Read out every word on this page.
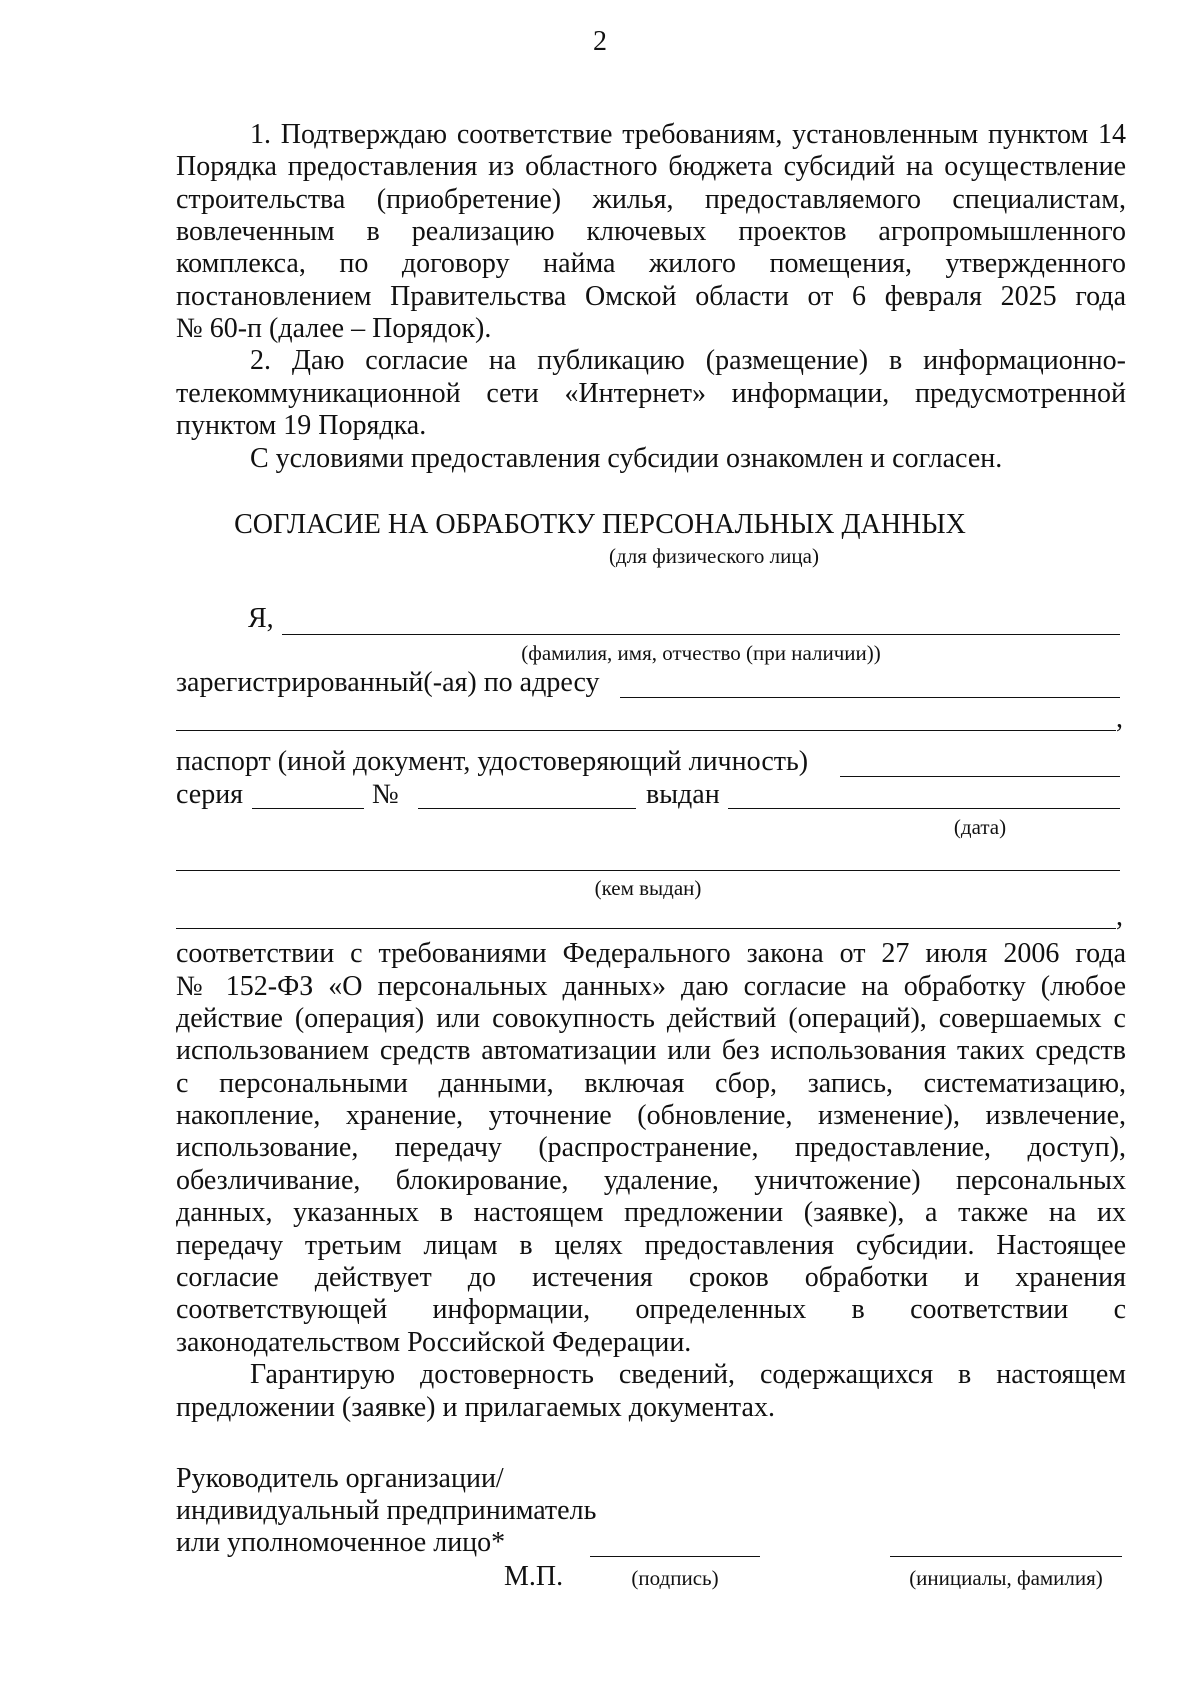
2
1. Подтверждаю соответствие требованиям, установленным пунктом 14
Порядка предоставления из областного бюджета субсидий на осуществление
строительства (приобретение) жилья, предоставляемого специалистам,
вовлеченным в реализацию ключевых проектов агропромышленного
комплекса, по договору найма жилого помещения, утвержденного
постановлением Правительства Омской области от 6 февраля 2025 года
№ 60-п (далее – Порядок).
2. Даю согласие на публикацию (размещение) в информационно-
телекоммуникационной сети «Интернет» информации, предусмотренной
пунктом 19 Порядка.
С условиями предоставления субсидии ознакомлен и согласен.
СОГЛАСИЕ НА ОБРАБОТКУ ПЕРСОНАЛЬНЫХ ДАННЫХ
(для физического лица)
Я,
(фамилия, имя, отчество (при наличии))
зарегистрированный(-ая) по адресу
,
паспорт (иной документ, удостоверяющий личность)
серия	№	выдан
(дата)
(кем выдан)
,
соответствии с требованиями Федерального закона от 27 июля 2006 года
№ 152-ФЗ «О персональных данных» даю согласие на обработку (любое
действие (операция) или совокупность действий (операций), совершаемых с
использованием средств автоматизации или без использования таких средств
с персональными данными, включая сбор, запись, систематизацию,
накопление, хранение, уточнение (обновление, изменение), извлечение,
использование, передачу (распространение, предоставление, доступ),
обезличивание, блокирование, удаление, уничтожение) персональных
данных, указанных в настоящем предложении (заявке), а также на их
передачу третьим лицам в целях предоставления субсидии. Настоящее
согласие действует до истечения сроков обработки и хранения
соответствующей информации, определенных в соответствии с
законодательством Российской Федерации.
Гарантирую достоверность сведений, содержащихся в настоящем
предложении (заявке) и прилагаемых документах.
Руководитель организации/
индивидуальный предприниматель
или уполномоченное лицо*
М.П.	(подпись)	(инициалы, фамилия)
